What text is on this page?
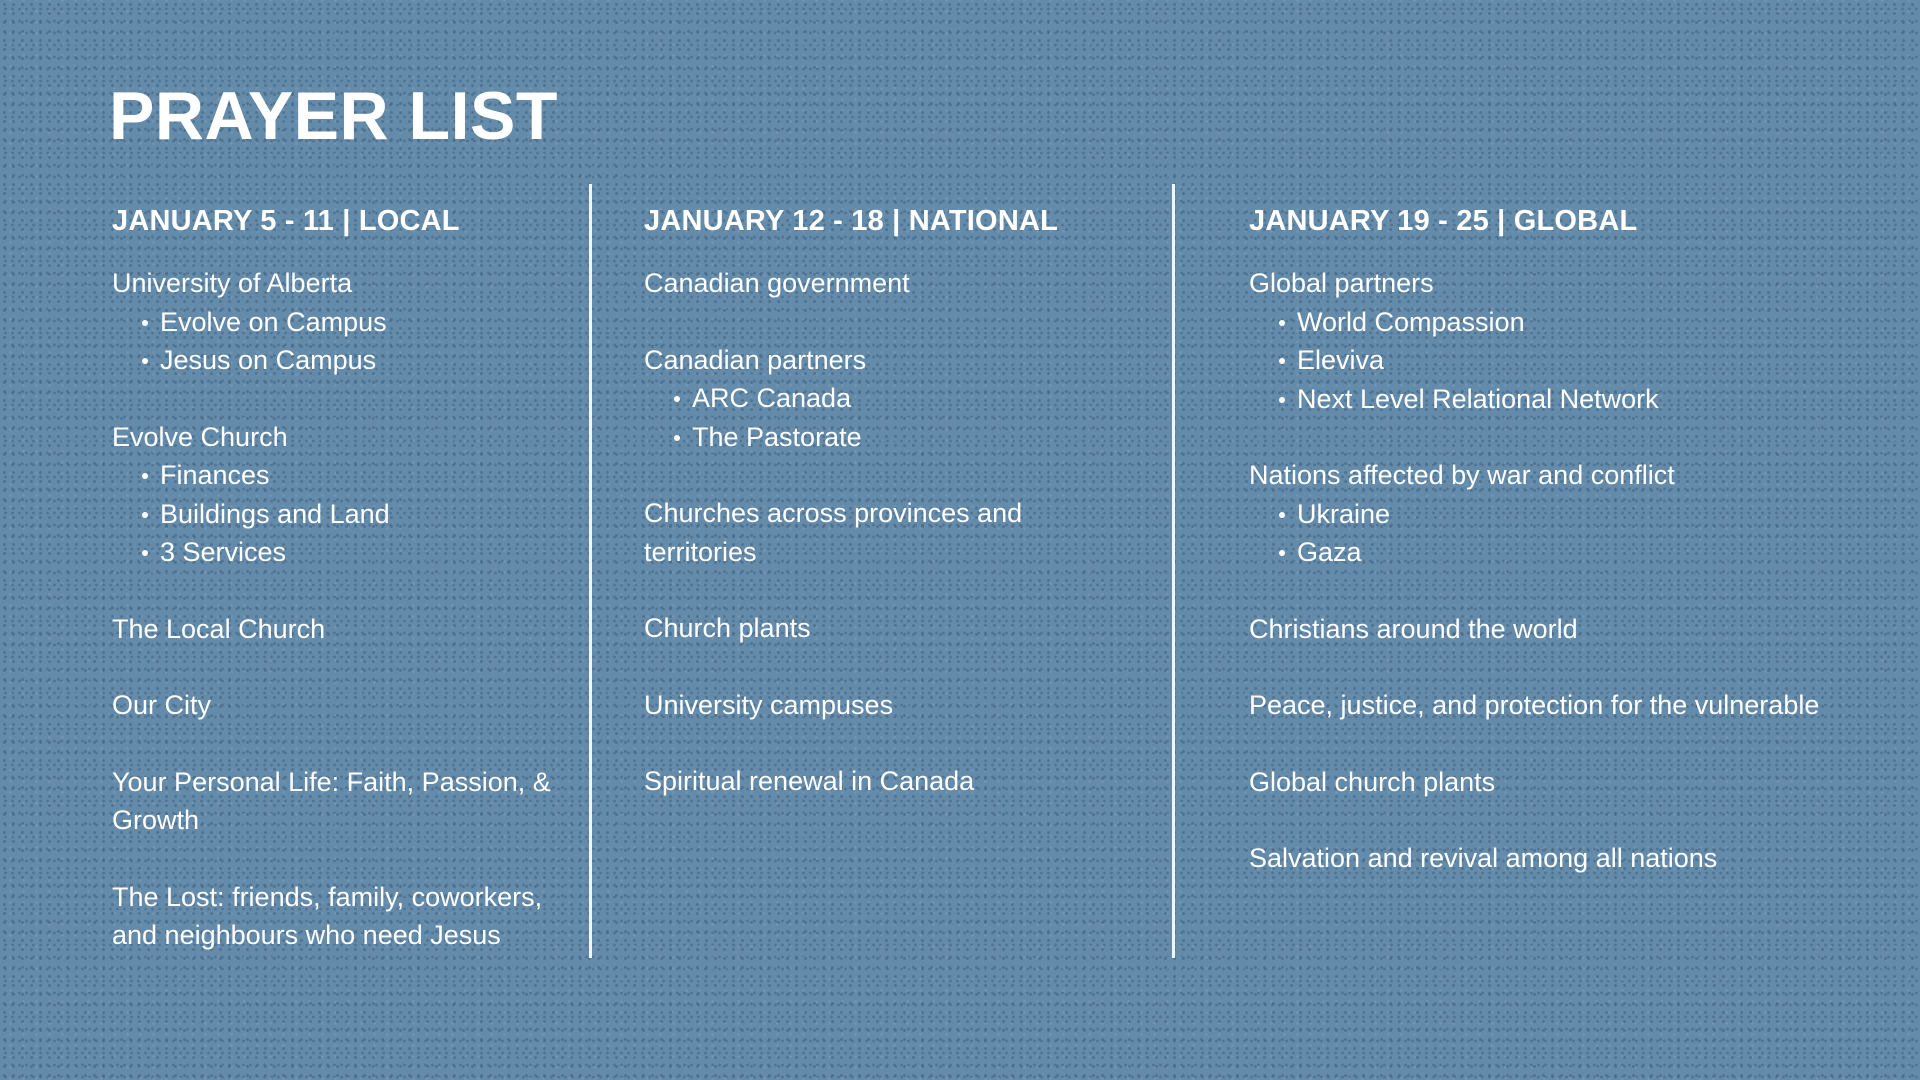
PRAYER LIST
JANUARY 5 - 11 | LOCAL
University of Alberta
Evolve on Campus
Jesus on Campus
Evolve Church
Finances
Buildings and Land
3 Services
The Local Church
Our City
Your Personal Life: Faith, Passion, & Growth
The Lost: friends, family, coworkers, and neighbours who need Jesus
JANUARY 12 - 18 | NATIONAL
Canadian government
Canadian partners
ARC Canada
The Pastorate
Churches across provinces and territories
Church plants
University campuses
Spiritual renewal in Canada
JANUARY 19 - 25 | GLOBAL
Global partners
World Compassion
Eleviva
Next Level Relational Network
Nations affected by war and conflict
Ukraine
Gaza
Christians around the world
Peace, justice, and protection for the vulnerable
Global church plants
Salvation and revival among all nations
